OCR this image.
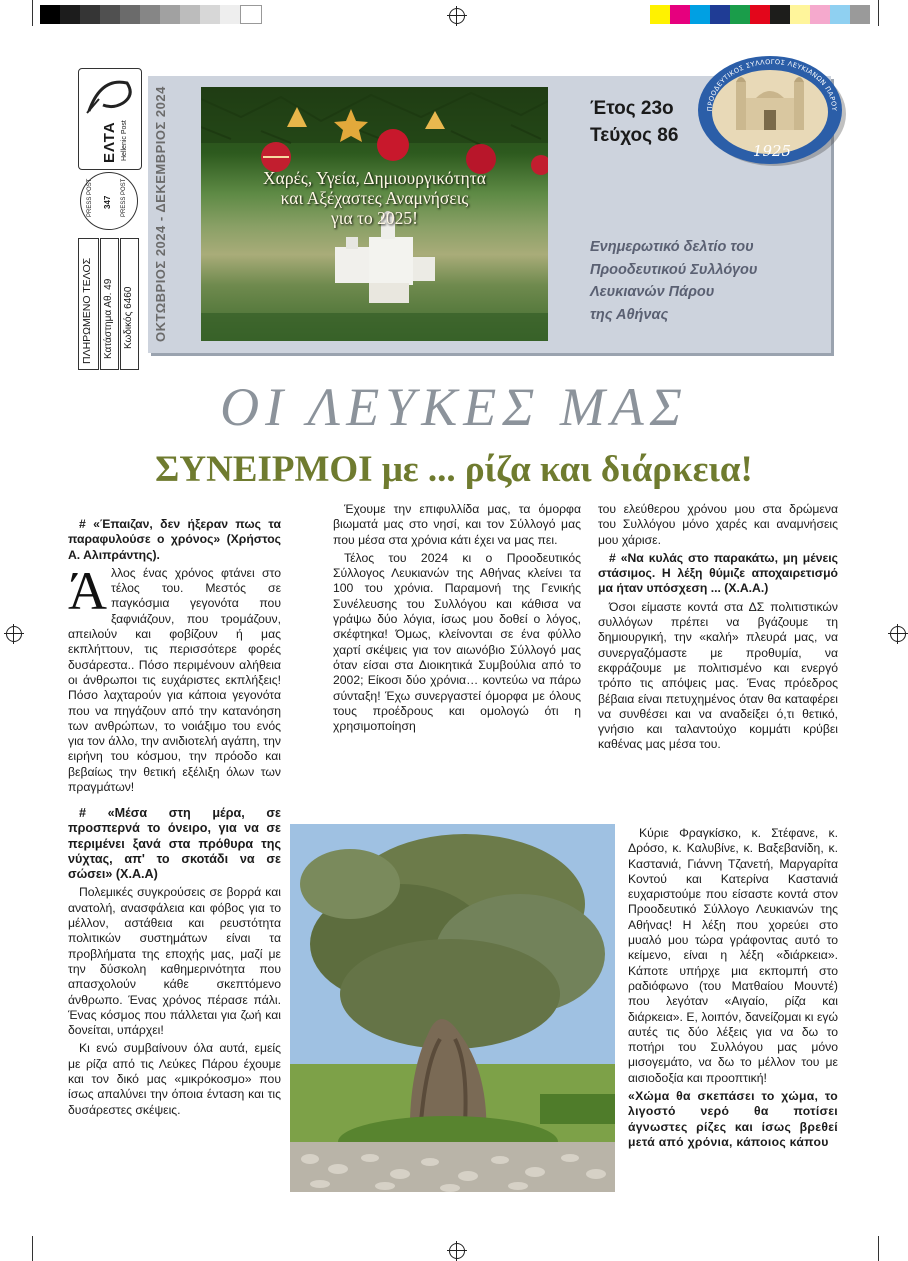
ΕΛΤΑ Hellenic Post
PRESS POST 347 PRESS POST
ΠΛΗΡΩΜΕΝΟ ΤΕΛΟΣ Κατάστημα Αθ. 49 Κωδικός 6460 ΟΚΤΩΒΡΙΟΣ 2024 - ΔΕΚΕΜΒΡΙΟΣ 2024	Χαρές, Υγεία, Δημιουργικότητα
και Αξέχαστες Αναμνήσεις
για το 2025!
Έτος 23ο
Τεύχος 86
Ενημερωτικό δελτίο του
Προοδευτικού Συλλόγου
Λευκιανών Πάρου
της Αθήνας
ΠΡΟΟΔΕΥΤΙΚΟΣ ΣΥΛΛΟΓΟΣ ΛΕΥΚΙΑΝΩΝ ΠΑΡΟΥ
1925
ΟΙ ΛΕΥΚΕΣ ΜΑΣ
ΣΥΝΕΙΡΜΟΙ με ... ρίζα και διάρκεια!

# «Έπαιζαν, δεν ήξεραν πως τα παραφυλούσε ο χρόνος» (Χρήστος Α. Αλιπράντης).

Άλλος ένας χρόνος φτάνει στο τέλος του. Μεστός σε παγκόσμια γεγονότα που ξαφνιάζουν, που τρομάζουν, απειλούν και φοβίζουν ή μας εκπλήττουν, τις περισσότερε φορές δυσάρεστα.. Πόσο περιμένουν αλήθεια οι άνθρωποι τις ευχάριστες εκπλήξεις! Πόσο λαχταρούν για κάποια γεγονότα που να πηγάζουν από την κατανόηση των ανθρώπων, το νοιάξιμο του ενός για τον άλλο, την ανιδιοτελή αγάπη, την ειρήνη του κόσμου, την πρόοδο και βεβαίως την θετική εξέλιξη όλων των πραγμάτων!

# «Μέσα στη μέρα, σε προσπερνά το όνειρο, για να σε περιμένει ξανά στα πρόθυρα της νύχτας, απ' το σκοτάδι να σε σώσει» (Χ.Α.Α)

Πολεμικές συγκρούσεις σε βορρά και ανατολή, ανασφάλεια και φόβος για το μέλλον, αστάθεια και ρευστότητα πολιτικών συστημάτων είναι τα προβλήματα της εποχής μας, μαζί με την δύσκολη καθημερινότητα που απασχολούν κάθε σκεπτόμενο άνθρωπο. Ένας χρόνος πέρασε πάλι. Ένας κόσμος που πάλλεται για ζωή και δονείται, υπάρχει!

Κι ενώ συμβαίνουν όλα αυτά, εμείς με ρίζα από τις Λεύκες Πάρου έχουμε και τον δικό μας «μικρόκοσμο» που ίσως απαλύνει την όποια ένταση και τις δυσάρεστες σκέψεις.

Έχουμε την επιφυλλίδα μας, τα όμορφα βιωματά μας στο νησί, και τον Σύλλογό μας που μέσα στα χρόνια κάτι έχει να μας πει.

Τέλος του 2024 κι ο Προοδευτικός Σύλλογος Λευκιανών της Αθήνας κλείνει τα 100 του χρόνια. Παραμονή της Γενικής Συνέλευσης του Συλλόγου και κάθισα να γράψω δύο λόγια, ίσως μου δοθεί ο λόγος, σκέφτηκα! Όμως, κλείνονται σε ένα φύλλο χαρτί σκέψεις για τον αιωνόβιο Σύλλογό μας όταν είσαι στα Διοικητικά Συμβούλια από το 2002; Είκοσι δύο χρόνια… κοντεύω να πάρω σύνταξη! Έχω συνεργαστεί όμορφα με όλους τους προέδρους και ομολογώ ότι η χρησιμοποίηση

του ελεύθερου χρόνου μου στα δρώμενα του Συλλόγου μόνο χαρές και αναμνήσεις μου χάρισε.

# «Να κυλάς στο παρακάτω, μη μένεις στάσιμος. Η λέξη θύμιζε αποχαιρετισμό μα ήταν υπόσχεση ... (Χ.Α.Α.)

Όσοι είμαστε κοντά στα ΔΣ πολιτιστικών συλλόγων πρέπει να βγάζουμε τη δημιουργική, την «καλή» πλευρά μας, να συνεργαζόμαστε με προθυμία, να εκφράζουμε με πολιτισμένο και ενεργό τρόπο τις απόψεις μας. Ένας πρόεδρος βέβαια είναι πετυχημένος όταν θα καταφέρει να συνθέσει και να αναδείξει ό,τι θετικό, γνήσιο και ταλαντούχο κομμάτι κρύβει καθένας μας μέσα του.

Κύριε Φραγκίσκο, κ. Στέφανε, κ. Δρόσο, κ. Καλυβίνε, κ. Βαξεβανίδη, κ. Καστανιά, Γιάννη Τζανετή, Μαργαρίτα Κοντού και Κατερίνα Καστανιά ευχαριστούμε που είσαστε κοντά στον Προοδευτικό Σύλλογο Λευκιανών της Αθήνας! Η λέξη που χορεύει στο μυαλό μου τώρα γράφοντας αυτό το κείμενο, είναι η λέξη «διάρκεια». Κάποτε υπήρχε μια εκπομπή στο ραδιόφωνο (του Ματθαίου Μουντέ) που λεγόταν «Αιγαίο, ρίζα και διάρκεια». Ε, λοιπόν, δανείζομαι κι εγώ αυτές τις δύο λέξεις για να δω το ποτήρι του Συλλόγου μας μόνο μισογεμάτο, να δω το μέλλον του με αισιοδοξία και προοπτική!

«Χώμα θα σκεπάσει το χώμα, το λιγοστό νερό θα ποτίσει άγνωστες ρίζες και ίσως βρεθεί μετά από χρόνια, κάποιος κάπου
